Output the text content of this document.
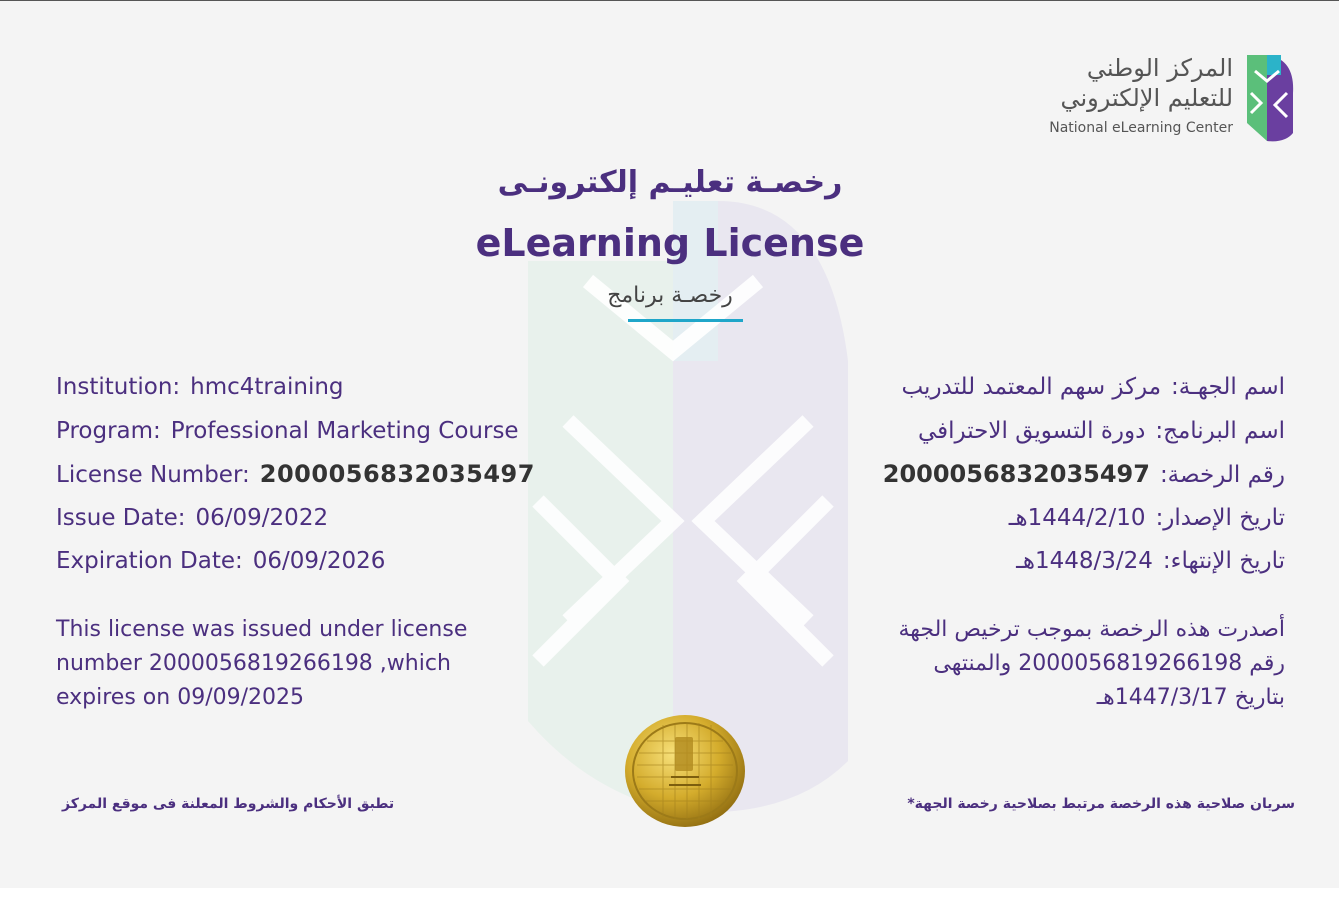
المركز الوطني
للتعليم الإلكتروني
National eLearning Center
رخصـة تعليـم إلكترونـى
eLearning License
رخصـة برنامج
Institution: hmc4training
Program: Professional Marketing Course
License Number: 2000056832035497
Issue Date: 06/09/2022
Expiration Date: 06/09/2026
اسم الجهـة:مركز سهم المعتمد للتدريب
اسم البرنامج:دورة التسويق الاحترافي
رقم الرخصة:2000056832035497
تاريخ الإصدار:1444/2/10هـ
تاريخ الإنتهاء:1448/3/24هـ
This license was issued under license
number 2000056819266198 ,which
expires on 09/09/2025
أصدرت هذه الرخصة بموجب ترخيص الجهة
رقم 2000056819266198 والمنتهى
بتاريخ 1447/3/17هـ
تطبق الأحكام والشروط المعلنة فى موقع المركز	سريان صلاحية هذه الرخصة مرتبط بصلاحية رخصة الجهة*
